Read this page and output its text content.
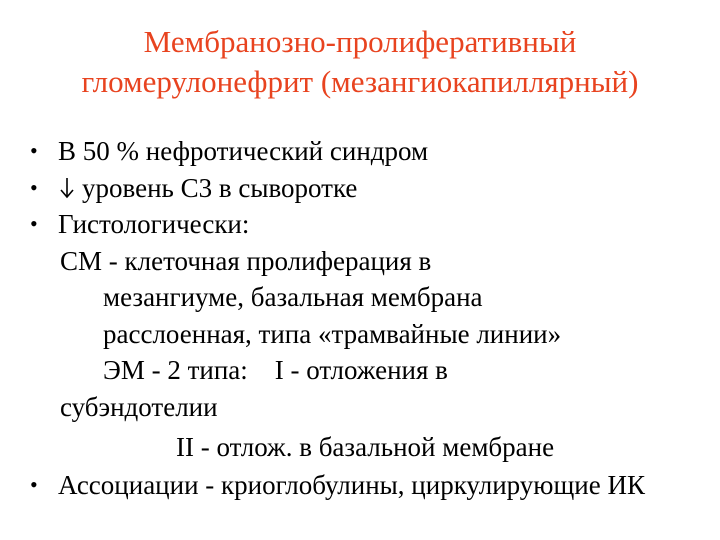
Мембранозно-пролиферативный
гломерулонефрит (мезангиокапиллярный)
• В 50 % нефротический синдром
•	уровень С3 в сыворотке
• Гистологически:
СМ - клеточная пролиферация в
мезангиуме, базальная мембрана
расслоенная, типа «трамвайные линии»
ЭМ - 2 типа:    I - отложения в
субэндотелии
II - отлож. в базальной мембране
• Ассоциации - криоглобулины, циркулирующие ИК
